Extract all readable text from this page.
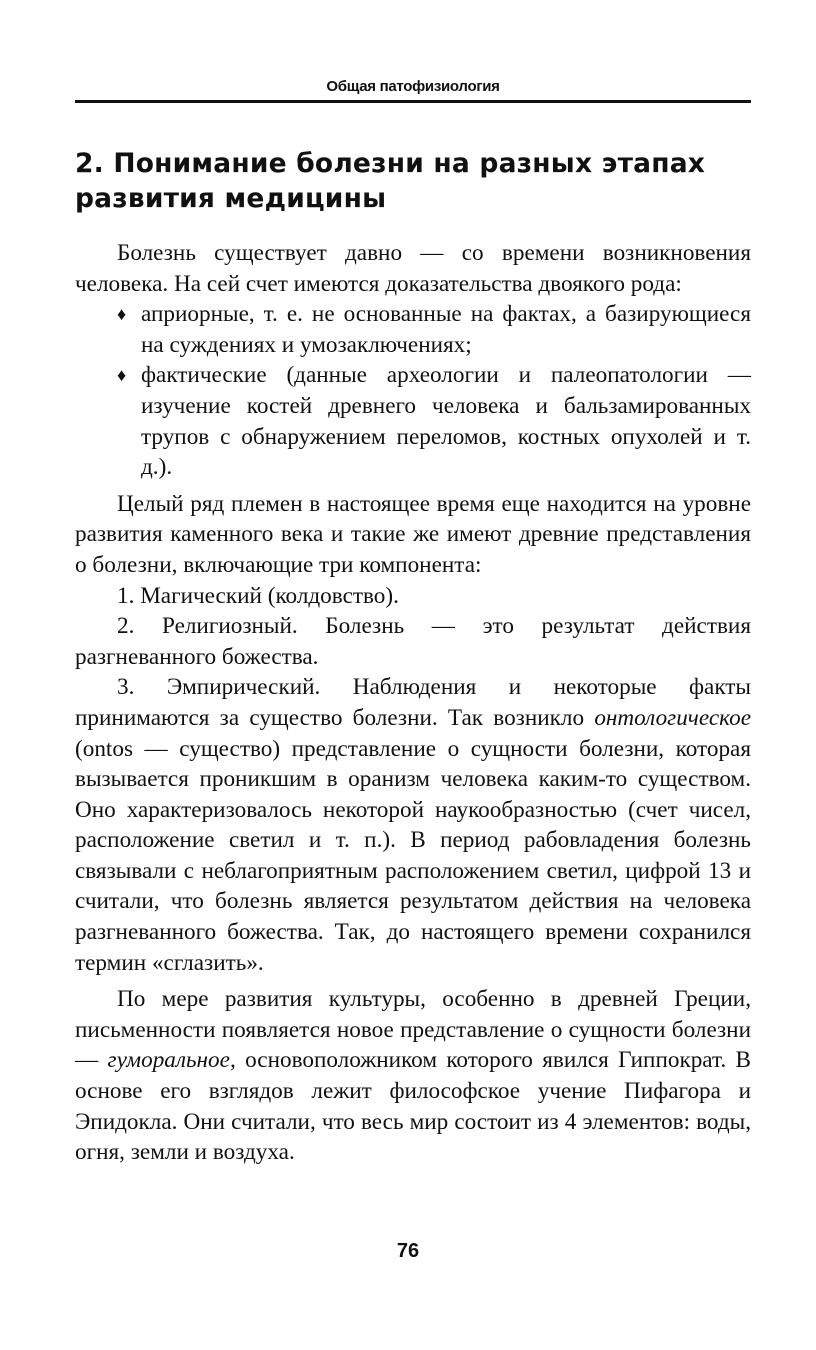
Общая патофизиология
2. Понимание болезни на разных этапах развития медицины

Болезнь существует давно — со времени возникновения человека. На сей счет имеются доказательства двоякого рода:

♦ априорные, т. е. не основанные на фактах, а базирующиеся на суждениях и умозаключениях;
♦ фактические (данные археологии и палеопатологии — изучение костей древнего человека и бальзамированных трупов с обнаружением переломов, костных опухолей и т. д.).

Целый ряд племен в настоящее время еще находится на уровне развития каменного века и такие же имеют древние представления о болезни, включающие три компонента:

1. Магический (колдовство).

2. Религиозный. Болезнь — это результат действия разгневанного божества.

3. Эмпирический. Наблюдения и некоторые факты принимаются за существо болезни. Так возникло онтологическое (ontos — существо) представление о сущности болезни, которая вызывается проникшим в оранизм человека каким-то существом. Оно характеризовалось некоторой наукообразностью (счет чисел, расположение светил и т. п.). В период рабовладения болезнь связывали с неблагоприятным расположением светил, цифрой 13 и считали, что болезнь является результатом действия на человека разгневанного божества. Так, до настоящего времени сохранился термин «сглазить».

По мере развития культуры, особенно в древней Греции, письменности появляется новое представление о сущности болезни — гуморальное, основоположником которого явился Гиппократ. В основе его взглядов лежит философское учение Пифагора и Эпидокла. Они считали, что весь мир состоит из 4 элементов: воды, огня, земли и воздуха.

76
